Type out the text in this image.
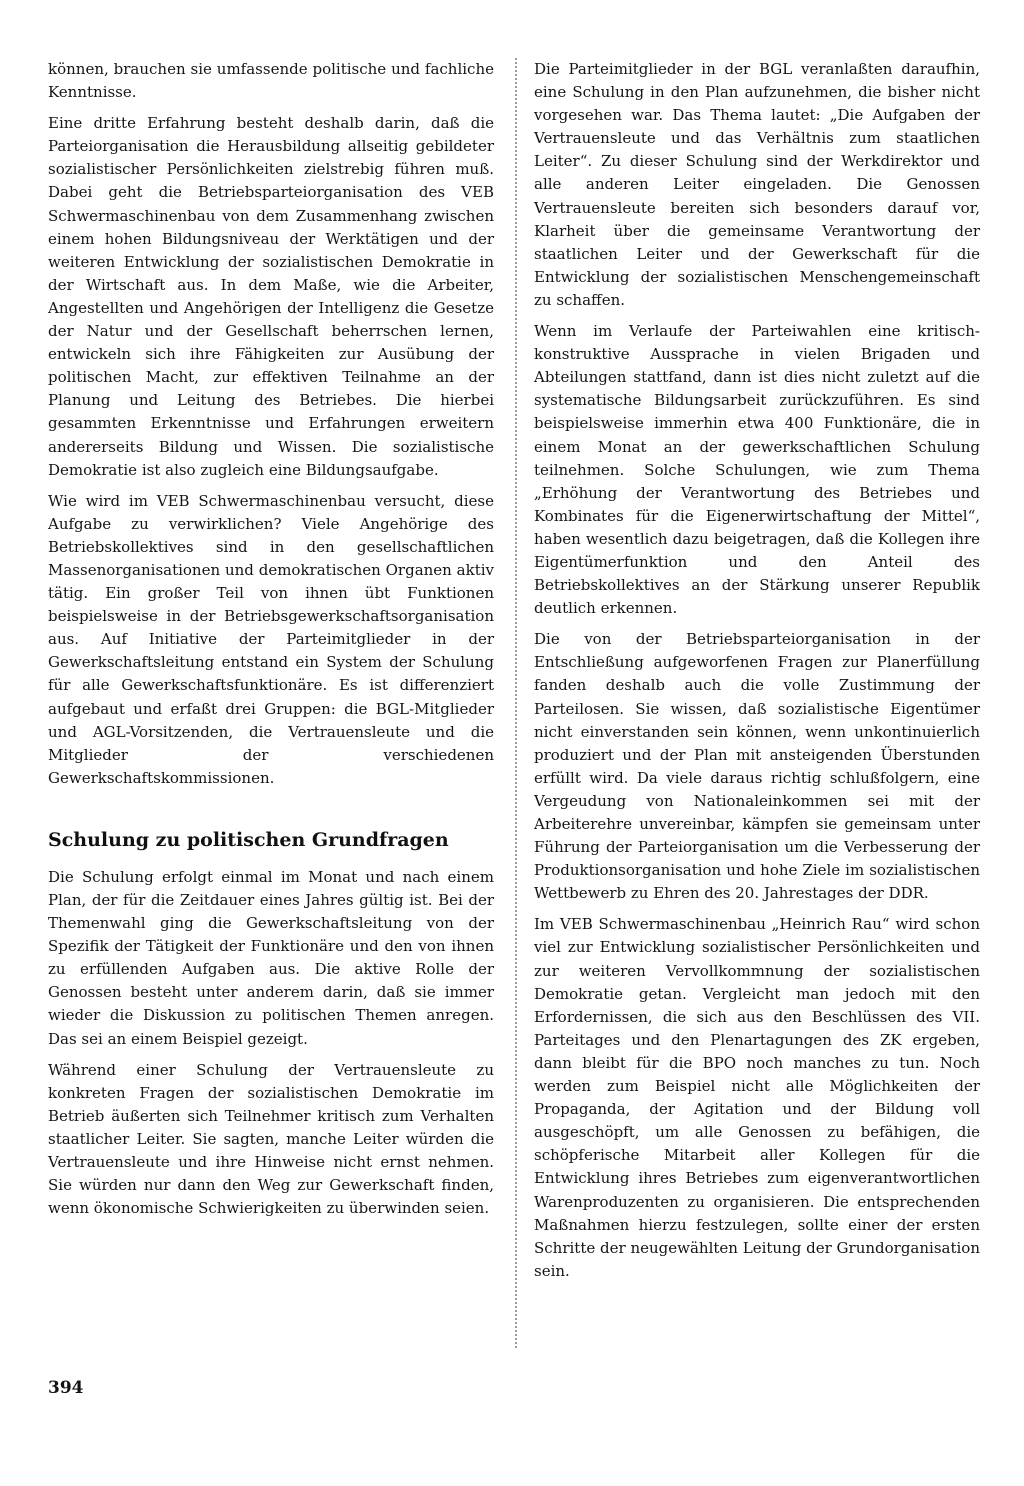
können, brauchen sie umfassende politische und fachliche Kenntnisse.

Eine dritte Erfahrung besteht deshalb darin, daß die Parteiorganisation die Herausbildung allseitig gebildeter sozialistischer Persönlichkeiten zielstrebig führen muß. Dabei geht die Betriebsparteiorganisation des VEB Schwermaschinenbau von dem Zusammenhang zwischen einem hohen Bildungsniveau der Werktätigen und der weiteren Entwicklung der sozialistischen Demokratie in der Wirtschaft aus. In dem Maße, wie die Arbeiter, Angestellten und Angehörigen der Intelligenz die Gesetze der Natur und der Gesellschaft beherrschen lernen, entwickeln sich ihre Fähigkeiten zur Ausübung der politischen Macht, zur effektiven Teilnahme an der Planung und Leitung des Betriebes. Die hierbei gesammten Erkenntnisse und Erfahrungen erweitern andererseits Bildung und Wissen. Die sozialistische Demokratie ist also zugleich eine Bildungsaufgabe.

Wie wird im VEB Schwermaschinenbau versucht, diese Aufgabe zu verwirklichen? Viele Angehörige des Betriebskollektives sind in den gesellschaftlichen Massenorganisationen und demokratischen Organen aktiv tätig. Ein großer Teil von ihnen übt Funktionen beispielsweise in der Betriebsgewerkschaftsorganisation aus. Auf Initiative der Parteimitglieder in der Gewerkschaftsleitung entstand ein System der Schulung für alle Gewerkschaftsfunktionäre. Es ist differenziert aufgebaut und erfaßt drei Gruppen: die BGL-Mitglieder und AGL-Vorsitzenden, die Vertrauensleute und die Mitglieder der verschiedenen Gewerkschaftskommissionen.

Schulung zu politischen Grundfragen

Die Schulung erfolgt einmal im Monat und nach einem Plan, der für die Zeitdauer eines Jahres gültig ist. Bei der Themenwahl ging die Gewerkschaftsleitung von der Spezifik der Tätigkeit der Funktionäre und den von ihnen zu erfüllenden Aufgaben aus. Die aktive Rolle der Genossen besteht unter anderem darin, daß sie immer wieder die Diskussion zu politischen Themen anregen. Das sei an einem Beispiel gezeigt.

Während einer Schulung der Vertrauensleute zu konkreten Fragen der sozialistischen Demokratie im Betrieb äußerten sich Teilnehmer kritisch zum Verhalten staatlicher Leiter. Sie sagten, manche Leiter würden die Vertrauensleute und ihre Hinweise nicht ernst nehmen. Sie würden nur dann den Weg zur Gewerkschaft finden, wenn ökonomische Schwierigkeiten zu überwinden seien.

Die Parteimitglieder in der BGL veranlaßten daraufhin, eine Schulung in den Plan aufzunehmen, die bisher nicht vorgesehen war. Das Thema lautet: „Die Aufgaben der Vertrauensleute und das Verhältnis zum staatlichen Leiter“. Zu dieser Schulung sind der Werkdirektor und alle anderen Leiter eingeladen. Die Genossen Vertrauensleute bereiten sich besonders darauf vor, Klarheit über die gemeinsame Verantwortung der staatlichen Leiter und der Gewerkschaft für die Entwicklung der sozialistischen Menschengemeinschaft zu schaffen.

Wenn im Verlaufe der Parteiwahlen eine kritisch-konstruktive Aussprache in vielen Brigaden und Abteilungen stattfand, dann ist dies nicht zuletzt auf die systematische Bildungsarbeit zurückzuführen. Es sind beispielsweise immerhin etwa 400 Funktionäre, die in einem Monat an der gewerkschaftlichen Schulung teilnehmen. Solche Schulungen, wie zum Thema „Erhöhung der Verantwortung des Betriebes und Kombinates für die Eigenerwirtschaftung der Mittel“, haben wesentlich dazu beigetragen, daß die Kollegen ihre Eigentümerfunktion und den Anteil des Betriebskollektives an der Stärkung unserer Republik deutlich erkennen.

Die von der Betriebsparteiorganisation in der Entschließung aufgeworfenen Fragen zur Planerfüllung fanden deshalb auch die volle Zustimmung der Parteilosen. Sie wissen, daß sozialistische Eigentümer nicht einverstanden sein können, wenn unkontinuierlich produziert und der Plan mit ansteigenden Überstunden erfüllt wird. Da viele daraus richtig schlußfolgern, eine Vergeudung von Nationaleinkommen sei mit der Arbeiterehre unvereinbar, kämpfen sie gemeinsam unter Führung der Parteiorganisation um die Verbesserung der Produktionsorganisation und hohe Ziele im sozialistischen Wettbewerb zu Ehren des 20. Jahrestages der DDR.

Im VEB Schwermaschinenbau „Heinrich Rau“ wird schon viel zur Entwicklung sozialistischer Persönlichkeiten und zur weiteren Vervollkommnung der sozialistischen Demokratie getan. Vergleicht man jedoch mit den Erfordernissen, die sich aus den Beschlüssen des VII. Parteitages und den Plenartagungen des ZK ergeben, dann bleibt für die BPO noch manches zu tun. Noch werden zum Beispiel nicht alle Möglichkeiten der Propaganda, der Agitation und der Bildung voll ausgeschöpft, um alle Genossen zu befähigen, die schöpferische Mitarbeit aller Kollegen für die Entwicklung ihres Betriebes zum eigenverantwortlichen Warenproduzenten zu organisieren. Die entsprechenden Maßnahmen hierzu festzulegen, sollte einer der ersten Schritte der neugewählten Leitung der Grundorganisation sein.

394
